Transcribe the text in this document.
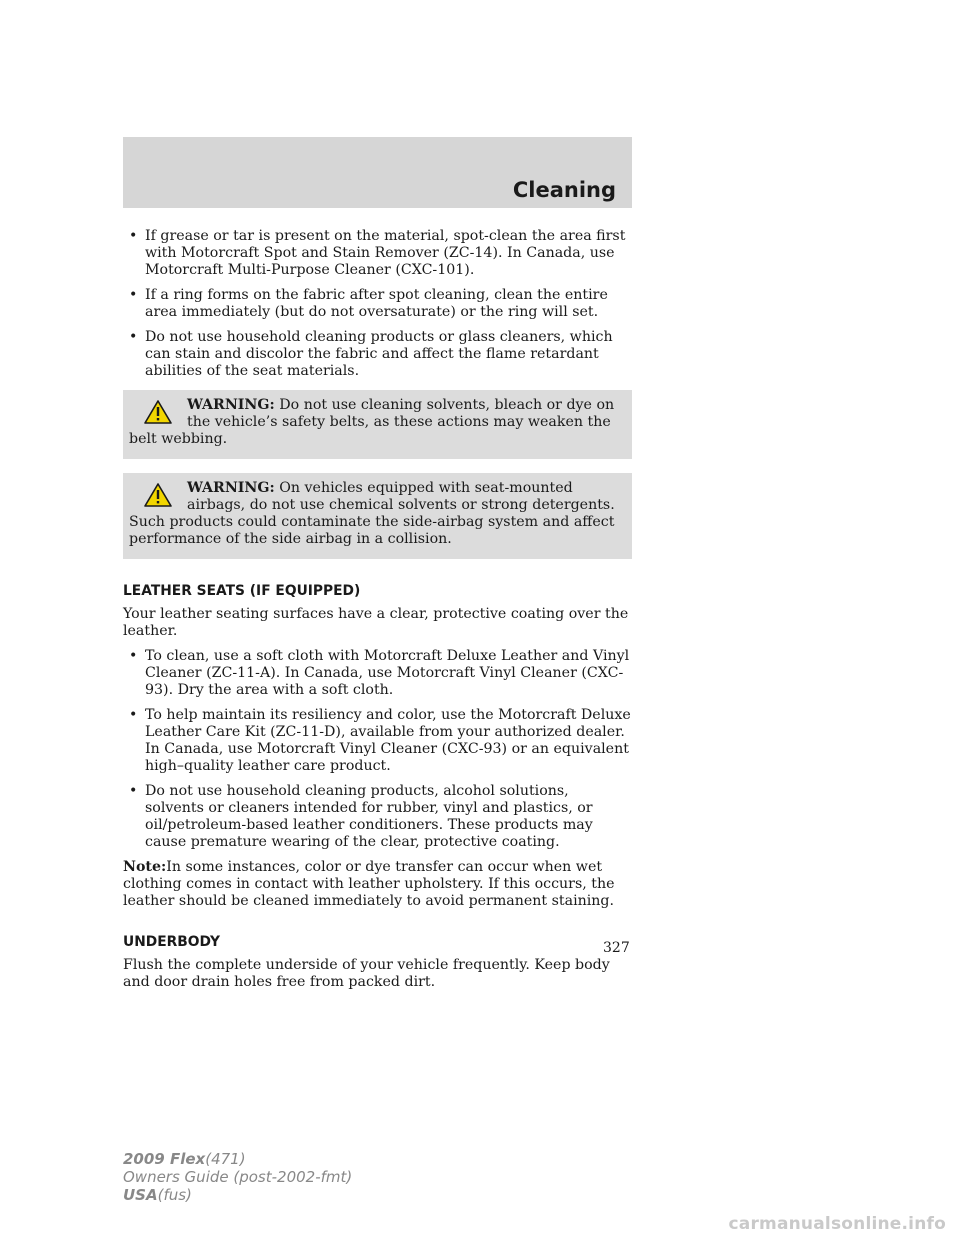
Cleaning
• If grease or tar is present on the material, spot-clean the area first with Motorcraft Spot and Stain Remover (ZC-14). In Canada, use Motorcraft Multi-Purpose Cleaner (CXC-101).
• If a ring forms on the fabric after spot cleaning, clean the entire area immediately (but do not oversaturate) or the ring will set.
• Do not use household cleaning products or glass cleaners, which can stain and discolor the fabric and affect the flame retardant abilities of the seat materials.
WARNING: Do not use cleaning solvents, bleach or dye on the vehicle’s safety belts, as these actions may weaken the belt webbing.
WARNING: On vehicles equipped with seat-mounted airbags, do not use chemical solvents or strong detergents. Such products could contaminate the side-airbag system and affect performance of the side airbag in a collision.
LEATHER SEATS (IF EQUIPPED)
Your leather seating surfaces have a clear, protective coating over the leather.
• To clean, use a soft cloth with Motorcraft Deluxe Leather and Vinyl Cleaner (ZC-11-A). In Canada, use Motorcraft Vinyl Cleaner (CXC-93). Dry the area with a soft cloth.
• To help maintain its resiliency and color, use the Motorcraft Deluxe Leather Care Kit (ZC-11-D), available from your authorized dealer. In Canada, use Motorcraft Vinyl Cleaner (CXC-93) or an equivalent high–quality leather care product.
• Do not use household cleaning products, alcohol solutions, solvents or cleaners intended for rubber, vinyl and plastics, or oil/petroleum-based leather conditioners. These products may cause premature wearing of the clear, protective coating.
Note:In some instances, color or dye transfer can occur when wet clothing comes in contact with leather upholstery. If this occurs, the leather should be cleaned immediately to avoid permanent staining.
UNDERBODY
Flush the complete underside of your vehicle frequently. Keep body and door drain holes free from packed dirt.
327
2009 Flex(471)
Owners Guide (post-2002-fmt)
USA(fus)
carmanualsonline.info
